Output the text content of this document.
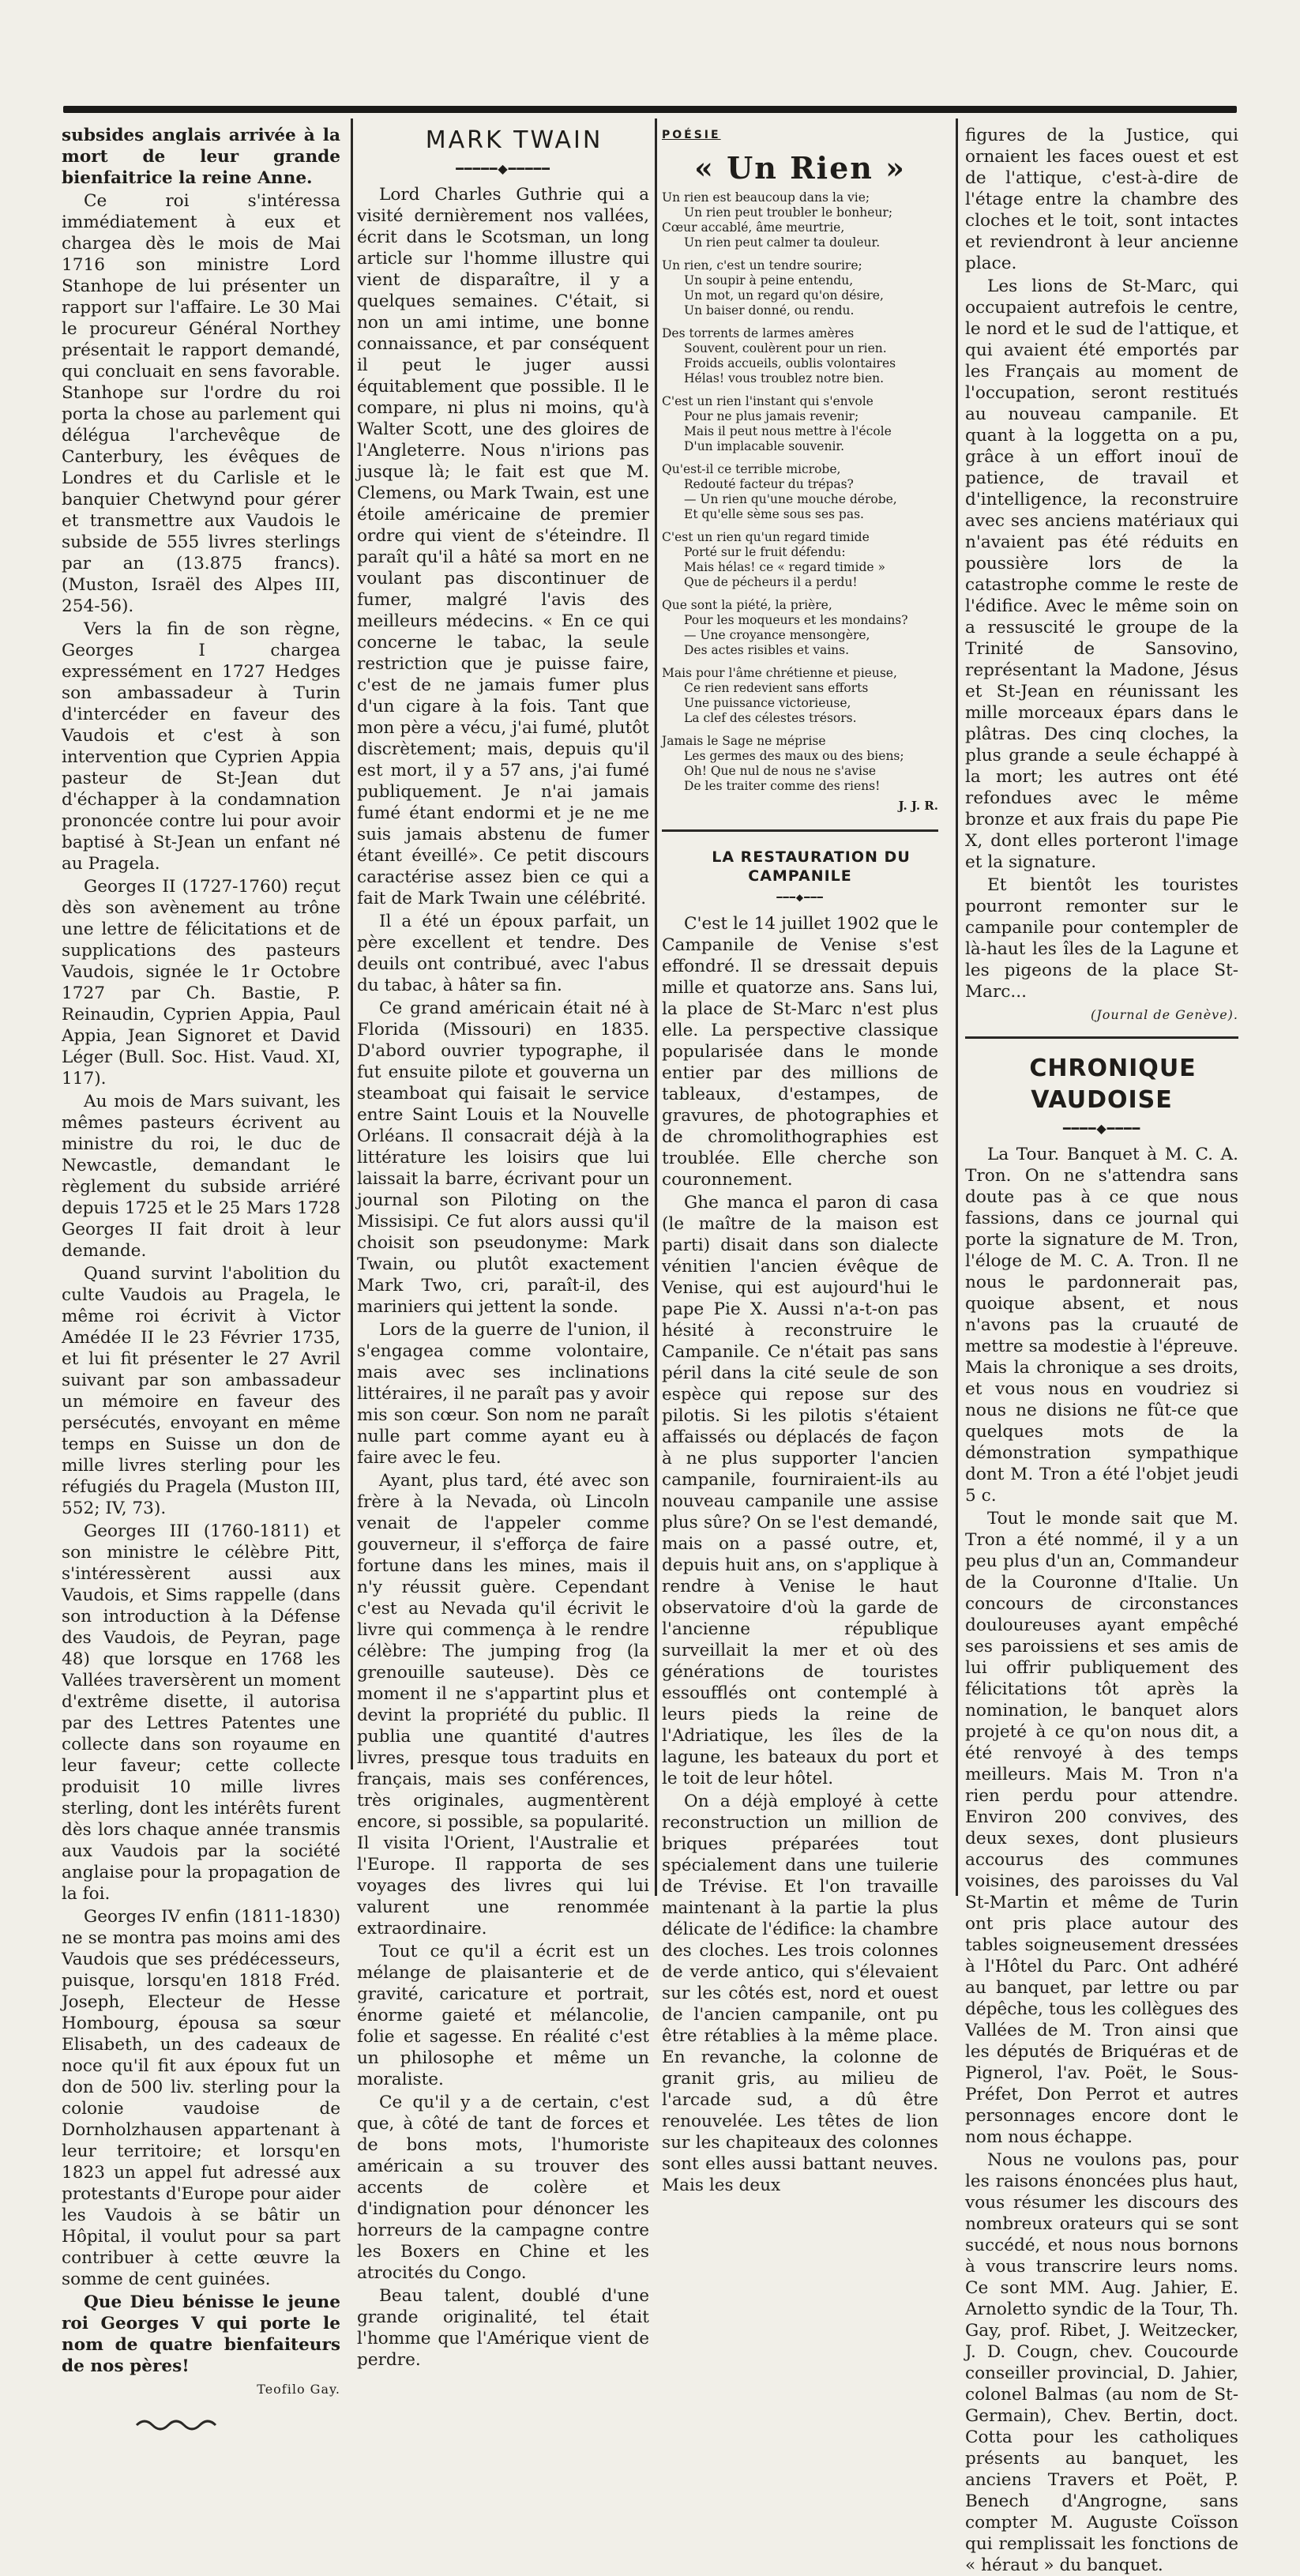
subsides anglais arrivée à la mort de leur grande bienfaitrice la reine Anne.

Ce roi s'intéressa immédiatement à eux et chargea dès le mois de Mai 1716 son ministre Lord Stanhope de lui présenter un rapport sur l'affaire. Le 30 Mai le procureur Général Northey présentait le rapport demandé, qui concluait en sens favorable. Stanhope sur l'ordre du roi porta la chose au parlement qui délégua l'archevêque de Canterbury, les évêques de Londres et du Carlisle et le banquier Chetwynd pour gérer et transmettre aux Vaudois le subside de 555 livres sterlings par an (13.875 francs). (Muston, Israël des Alpes III, 254-56).

Vers la fin de son règne, Georges I chargea expressément en 1727 Hedges son ambassadeur à Turin d'intercéder en faveur des Vaudois et c'est à son intervention que Cyprien Appia pasteur de St-Jean dut d'échapper à la condamnation prononcée contre lui pour avoir baptisé à St-Jean un enfant né au Pragela.

Georges II (1727-1760) reçut dès son avènement au trône une lettre de félicitations et de supplications des pasteurs Vaudois, signée le 1r Octobre 1727 par Ch. Bastie, P. Reinaudin, Cyprien Appia, Paul Appia, Jean Signoret et David Léger (Bull. Soc. Hist. Vaud. XI, 117).

Au mois de Mars suivant, les mêmes pasteurs écrivent au ministre du roi, le duc de Newcastle, demandant le règlement du subside arriéré depuis 1725 et le 25 Mars 1728 Georges II fait droit à leur demande.

Quand survint l'abolition du culte Vaudois au Pragela, le même roi écrivit à Victor Amédée II le 23 Février 1735, et lui fit présenter le 27 Avril suivant par son ambassadeur un mémoire en faveur des persécutés, envoyant en même temps en Suisse un don de mille livres sterling pour les réfugiés du Pragela (Muston III, 552; IV, 73).

Georges III (1760-1811) et son ministre le célèbre Pitt, s'intéressèrent aussi aux Vaudois, et Sims rappelle (dans son introduction à la Défense des Vaudois, de Peyran, page 48) que lorsque en 1768 les Vallées traversèrent un moment d'extrême disette, il autorisa par des Lettres Patentes une collecte dans son royaume en leur faveur; cette collecte produisit 10 mille livres sterling, dont les intérêts furent dès lors chaque année transmis aux Vaudois par la société anglaise pour la propagation de la foi.

Georges IV enfin (1811-1830) ne se montra pas moins ami des Vaudois que ses prédécesseurs, puisque, lorsqu'en 1818 Fréd. Joseph, Electeur de Hesse Hombourg, épousa sa sœur Elisabeth, un des cadeaux de noce qu'il fit aux époux fut un don de 500 liv. sterling pour la colonie vaudoise de Dornholzhausen appartenant à leur territoire; et lorsqu'en 1823 un appel fut adressé aux protestants d'Europe pour aider les Vaudois à se bâtir un Hôpital, il voulut pour sa part contribuer à cette œuvre la somme de cent guinées.

Que Dieu bénisse le jeune roi Georges V qui porte le nom de quatre bienfaiteurs de nos pères!

Teofilo Gay.

MARK TWAIN

━━━━━◆━━━━━

Lord Charles Guthrie qui a visité dernièrement nos vallées, écrit dans le Scotsman, un long article sur l'homme illustre qui vient de disparaître, il y a quelques semaines. C'était, si non un ami intime, une bonne connaissance, et par conséquent il peut le juger aussi équitablement que possible. Il le compare, ni plus ni moins, qu'à Walter Scott, une des gloires de l'Angleterre. Nous n'irions pas jusque là; le fait est que M. Clemens, ou Mark Twain, est une étoile américaine de premier ordre qui vient de s'éteindre. Il paraît qu'il a hâté sa mort en ne voulant pas discontinuer de fumer, malgré l'avis des meilleurs médecins. « En ce qui concerne le tabac, la seule restriction que je puisse faire, c'est de ne jamais fumer plus d'un cigare à la fois. Tant que mon père a vécu, j'ai fumé, plutôt discrètement; mais, depuis qu'il est mort, il y a 57 ans, j'ai fumé publiquement. Je n'ai jamais fumé étant endormi et je ne me suis jamais abstenu de fumer étant éveillé». Ce petit discours caractérise assez bien ce qui a fait de Mark Twain une célébrité.

Il a été un époux parfait, un père excellent et tendre. Des deuils ont contribué, avec l'abus du tabac, à hâter sa fin.

Ce grand américain était né à Florida (Missouri) en 1835. D'abord ouvrier typographe, il fut ensuite pilote et gouverna un steamboat qui faisait le service entre Saint Louis et la Nouvelle Orléans. Il consacrait déjà à la littérature les loisirs que lui laissait la barre, écrivant pour un journal son Piloting on the Missisipi. Ce fut alors aussi qu'il choisit son pseudonyme: Mark Twain, ou plutôt exactement Mark Two, cri, paraît-il, des mariniers qui jettent la sonde.

Lors de la guerre de l'union, il s'engagea comme volontaire, mais avec ses inclinations littéraires, il ne paraît pas y avoir mis son cœur. Son nom ne paraît nulle part comme ayant eu à faire avec le feu.

Ayant, plus tard, été avec son frère à la Nevada, où Lincoln venait de l'appeler comme gouverneur, il s'efforça de faire fortune dans les mines, mais il n'y réussit guère. Cependant c'est au Nevada qu'il écrivit le livre qui commença à le rendre célèbre: The jumping frog (la grenouille sauteuse). Dès ce moment il ne s'appartint plus et devint la propriété du public. Il publia une quantité d'autres livres, presque tous traduits en français, mais ses conférences, très originales, augmentèrent encore, si possible, sa popularité. Il visita l'Orient, l'Australie et l'Europe. Il rapporta de ses voyages des livres qui lui valurent une renommée extraordinaire.

Tout ce qu'il a écrit est un mélange de plaisanterie et de gravité, caricature et portrait, énorme gaieté et mélancolie, folie et sagesse. En réalité c'est un philosophe et même un moraliste.

Ce qu'il y a de certain, c'est que, à côté de tant de forces et de bons mots, l'humoriste américain a su trouver des accents de colère et d'indignation pour dénoncer les horreurs de la campagne contre les Boxers en Chine et les atrocités du Congo.

Beau talent, doublé d'une grande originalité, tel était l'homme que l'Amérique vient de perdre.

POÉSIE

« Un Rien »

Un rien est beaucoup dans la vie;
Un rien peut troubler le bonheur;
Cœur accablé, âme meurtrie,
Un rien peut calmer ta douleur.
Un rien, c'est un tendre sourire;
Un soupir à peine entendu,
Un mot, un regard qu'on désire,
Un baiser donné, ou rendu.
Des torrents de larmes amères
Souvent, coulèrent pour un rien.
Froids accueils, oublis volontaires
Hélas! vous troublez notre bien.
C'est un rien l'instant qui s'envole
Pour ne plus jamais revenir;
Mais il peut nous mettre à l'école
D'un implacable souvenir.
Qu'est-il ce terrible microbe,
Redouté facteur du trépas?
— Un rien qu'une mouche dérobe,
Et qu'elle sème sous ses pas.
C'est un rien qu'un regard timide
Porté sur le fruit défendu:
Mais hélas! ce « regard timide »
Que de pécheurs il a perdu!
Que sont la piété, la prière,
Pour les moqueurs et les mondains?
— Une croyance mensongère,
Des actes risibles et vains.
Mais pour l'âme chrétienne et pieuse,
Ce rien redevient sans efforts
Une puissance victorieuse,
La clef des célestes trésors.
Jamais le Sage ne méprise
Les germes des maux ou des biens;
Oh! Que nul de nous ne s'avise
De les traiter comme des riens!

J. J. R.

LA RESTAURATION DU CAMPANILE

━━━◆━━━

C'est le 14 juillet 1902 que le Campanile de Venise s'est effondré. Il se dressait depuis mille et quatorze ans. Sans lui, la place de St-Marc n'est plus elle. La perspective classique popularisée dans le monde entier par des millions de tableaux, d'estampes, de gravures, de photographies et de chromolithographies est troublée. Elle cherche son couronnement.

Ghe manca el paron di casa (le maître de la maison est parti) disait dans son dialecte vénitien l'ancien évêque de Venise, qui est aujourd'hui le pape Pie X. Aussi n'a-t-on pas hésité à reconstruire le Campanile. Ce n'était pas sans péril dans la cité seule de son espèce qui repose sur des pilotis. Si les pilotis s'étaient affaissés ou déplacés de façon à ne plus supporter l'ancien campanile, fourniraient-ils au nouveau campanile une assise plus sûre? On se l'est demandé, mais on a passé outre, et, depuis huit ans, on s'applique à rendre à Venise le haut observatoire d'où la garde de l'ancienne république surveillait la mer et où des générations de touristes essoufflés ont contemplé à leurs pieds la reine de l'Adriatique, les îles de la lagune, les bateaux du port et le toit de leur hôtel.

On a déjà employé à cette reconstruction un million de briques préparées tout spécialement dans une tuilerie de Trévise. Et l'on travaille maintenant à la partie la plus délicate de l'édifice: la chambre des cloches. Les trois colonnes de verde antico, qui s'élevaient sur les côtés est, nord et ouest de l'ancien campanile, ont pu être rétablies à la même place. En revanche, la colonne de granit gris, au milieu de l'arcade sud, a dû être renouvelée. Les têtes de lion sur les chapiteaux des colonnes sont elles aussi battant neuves. Mais les deux

figures de la Justice, qui ornaient les faces ouest et est de l'attique, c'est-à-dire de l'étage entre la chambre des cloches et le toit, sont intactes et reviendront à leur ancienne place.

Les lions de St-Marc, qui occupaient autrefois le centre, le nord et le sud de l'attique, et qui avaient été emportés par les Français au moment de l'occupation, seront restitués au nouveau campanile. Et quant à la loggetta on a pu, grâce à un effort inouï de patience, de travail et d'intelligence, la reconstruire avec ses anciens matériaux qui n'avaient pas été réduits en poussière lors de la catastrophe comme le reste de l'édifice. Avec le même soin on a ressuscité le groupe de la Trinité de Sansovino, représentant la Madone, Jésus et St-Jean en réunissant les mille morceaux épars dans le plâtras. Des cinq cloches, la plus grande a seule échappé à la mort; les autres ont été refondues avec le même bronze et aux frais du pape Pie X, dont elles porteront l'image et la signature.

Et bientôt les touristes pourront remonter sur le campanile pour contempler de là-haut les îles de la Lagune et les pigeons de la place St-Marc...

(Journal de Genève).

CHRONIQUE VAUDOISE

━━━━◆━━━━

La Tour. Banquet à M. C. A. Tron. On ne s'attendra sans doute pas à ce que nous fassions, dans ce journal qui porte la signature de M. Tron, l'éloge de M. C. A. Tron. Il ne nous le pardonnerait pas, quoique absent, et nous n'avons pas la cruauté de mettre sa modestie à l'épreuve. Mais la chronique a ses droits, et vous nous en voudriez si nous ne disions ne fût-ce que quelques mots de la démonstration sympathique dont M. Tron a été l'objet jeudi 5 c.

Tout le monde sait que M. Tron a été nommé, il y a un peu plus d'un an, Commandeur de la Couronne d'Italie. Un concours de circonstances douloureuses ayant empêché ses paroissiens et ses amis de lui offrir publiquement des félicitations tôt après la nomination, le banquet alors projeté à ce qu'on nous dit, a été renvoyé à des temps meilleurs. Mais M. Tron n'a rien perdu pour attendre. Environ 200 convives, des deux sexes, dont plusieurs accourus des communes voisines, des paroisses du Val St-Martin et même de Turin ont pris place autour des tables soigneusement dressées à l'Hôtel du Parc. Ont adhéré au banquet, par lettre ou par dépêche, tous les collègues des Vallées de M. Tron ainsi que les députés de Briquéras et de Pignerol, l'av. Poët, le Sous-Préfet, Don Perrot et autres personnages encore dont le nom nous échappe.

Nous ne voulons pas, pour les raisons énoncées plus haut, vous résumer les discours des nombreux orateurs qui se sont succédé, et nous nous bornons à vous transcrire leurs noms. Ce sont MM. Aug. Jahier, E. Arnoletto syndic de la Tour, Th. Gay, prof. Ribet, J. Weitzecker, J. D. Cougn, chev. Coucourde conseiller provincial, D. Jahier, colonel Balmas (au nom de St-Germain), Chev. Bertin, doct. Cotta pour les catholiques présents au banquet, les anciens Travers et Poët, P. Benech d'Angrogne, sans compter M. Auguste Coïsson qui remplissait les fonctions de « héraut » du banquet.
